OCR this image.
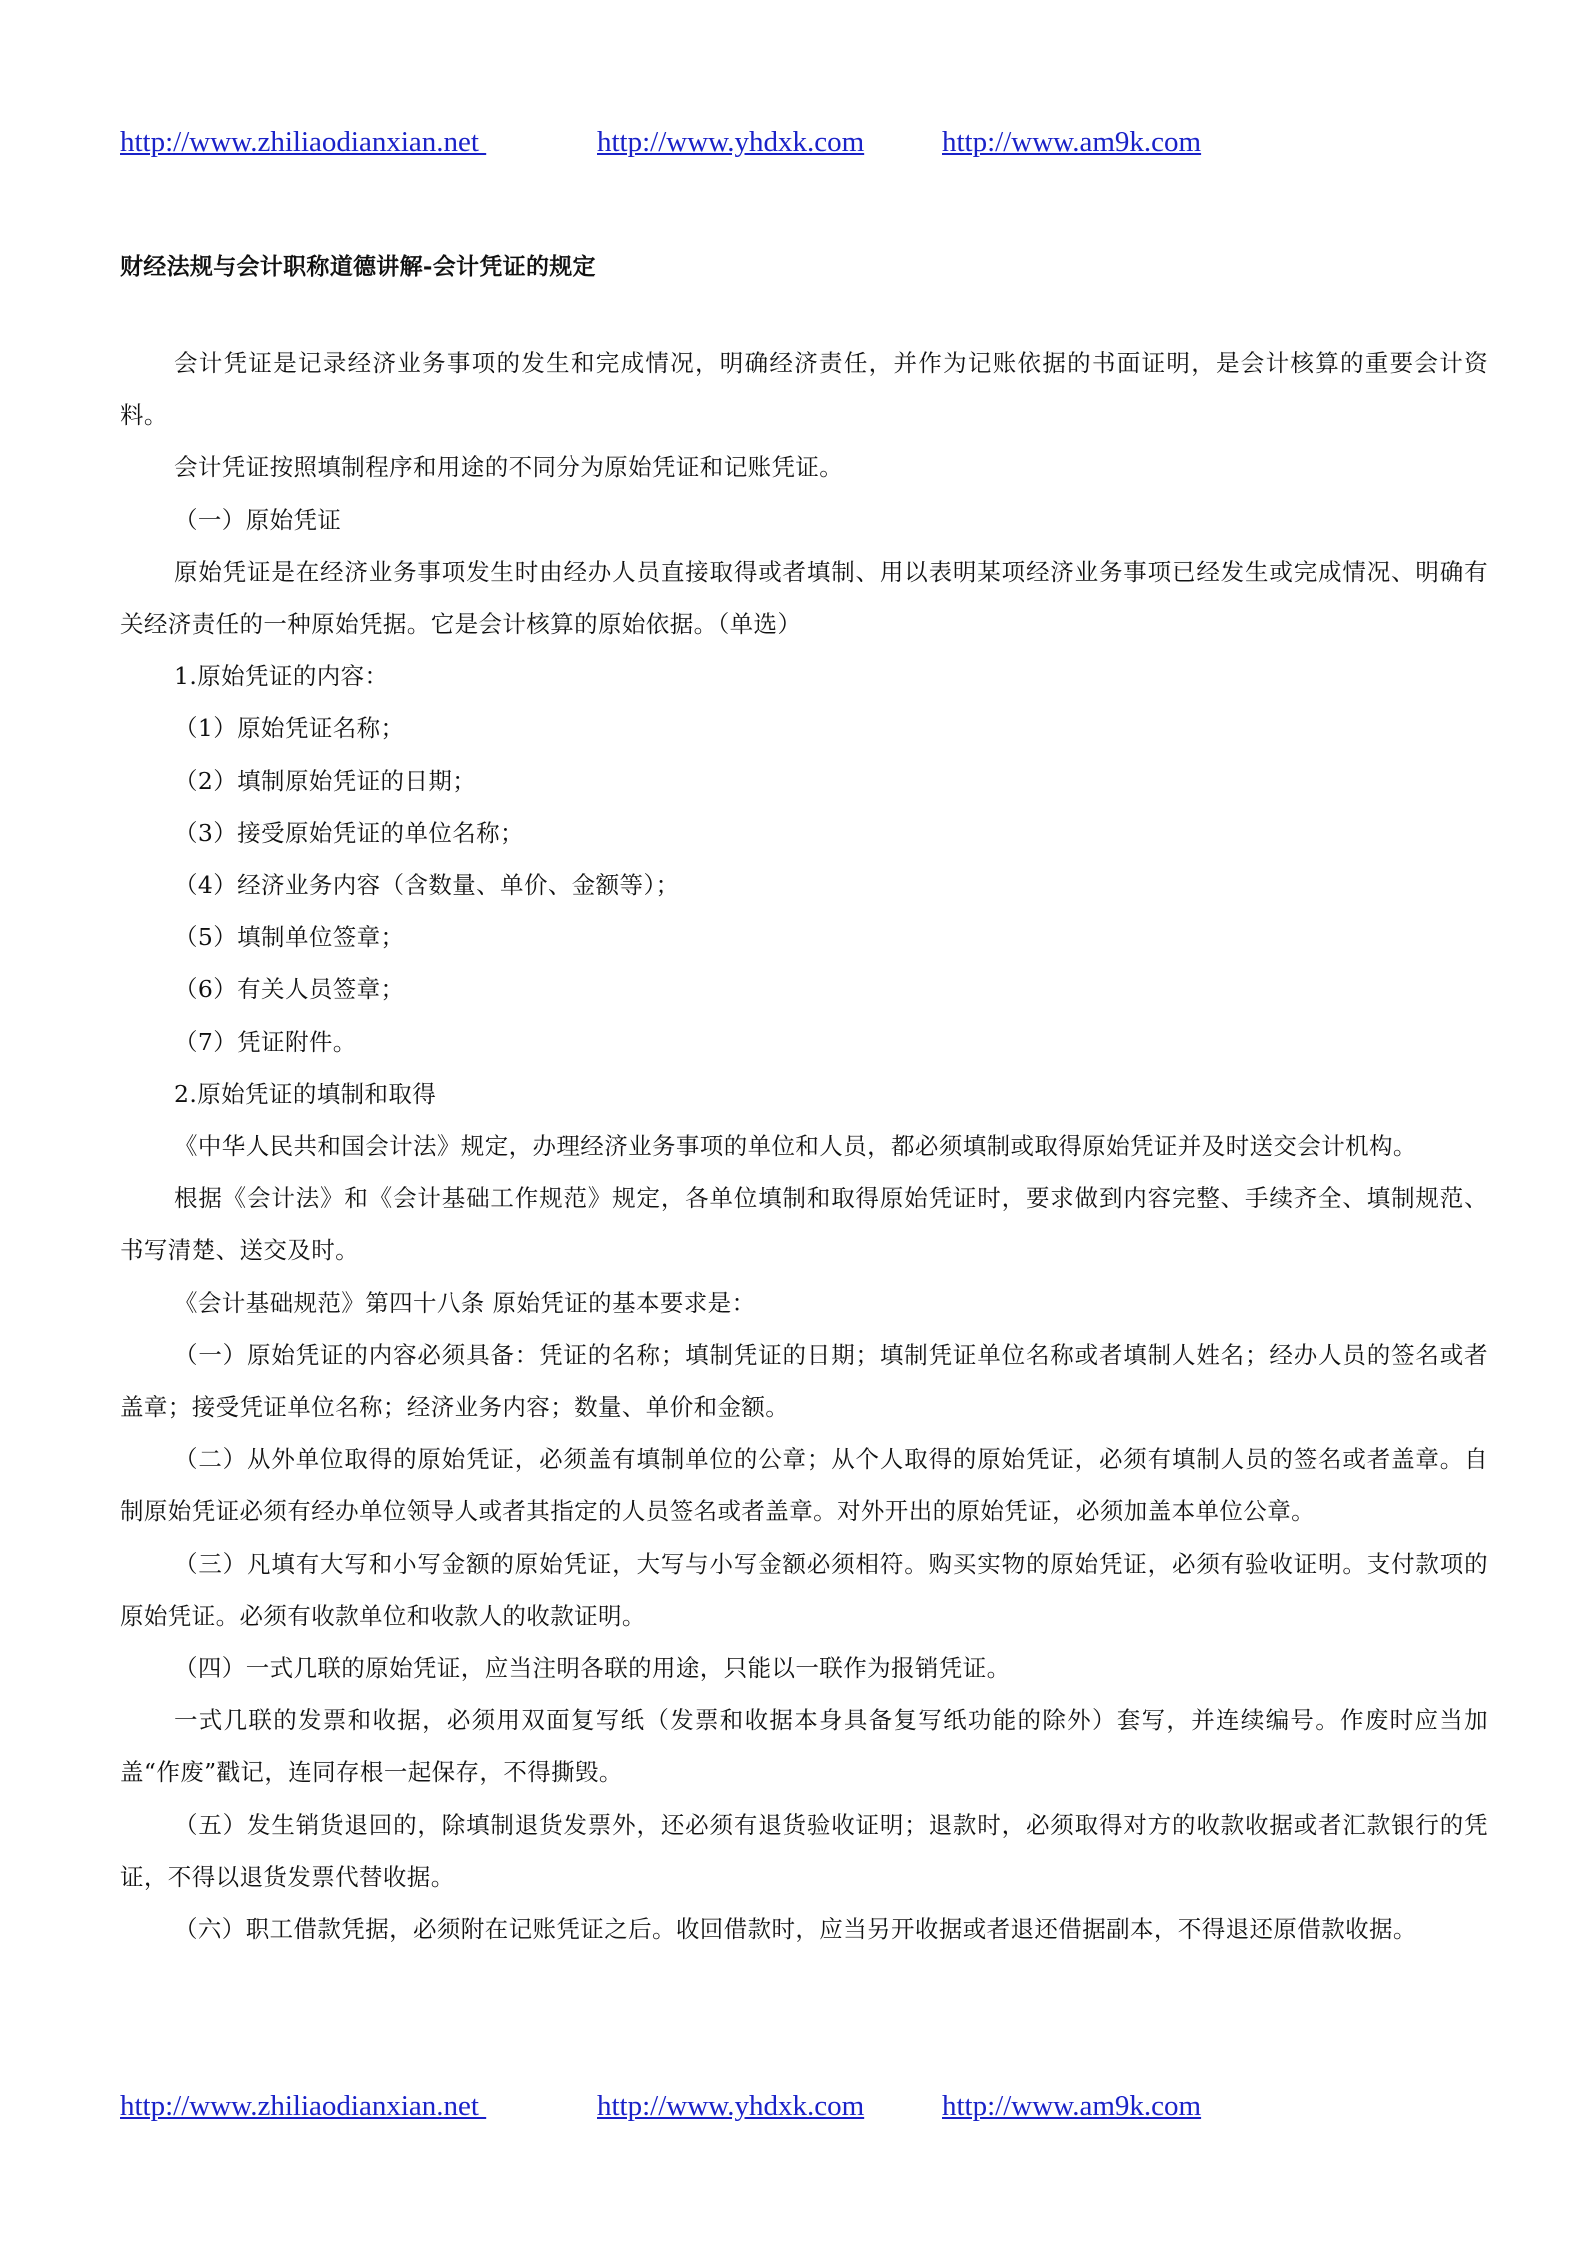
http://www.zhiliaodianxian.net	http://www.yhdxk.com	http://www.am9k.com
财经法规与会计职称道德讲解-会计凭证的规定

会计凭证是记录经济业务事项的发生和完成情况，明确经济责任，并作为记账依据的书面证明，是会计核算的重要会计资料。

会计凭证按照填制程序和用途的不同分为原始凭证和记账凭证。

（一）原始凭证

原始凭证是在经济业务事项发生时由经办人员直接取得或者填制、用以表明某项经济业务事项已经发生或完成情况、明确有关经济责任的一种原始凭据。它是会计核算的原始依据。（单选）

1.原始凭证的内容：

（1）原始凭证名称；

（2）填制原始凭证的日期；

（3）接受原始凭证的单位名称；

（4）经济业务内容（含数量、单价、金额等）；

（5）填制单位签章；

（6）有关人员签章；

（7）凭证附件。

2.原始凭证的填制和取得

《中华人民共和国会计法》规定，办理经济业务事项的单位和人员，都必须填制或取得原始凭证并及时送交会计机构。

根据《会计法》和《会计基础工作规范》规定，各单位填制和取得原始凭证时，要求做到内容完整、手续齐全、填制规范、书写清楚、送交及时。

《会计基础规范》第四十八条 原始凭证的基本要求是：

（一）原始凭证的内容必须具备：凭证的名称；填制凭证的日期；填制凭证单位名称或者填制人姓名；经办人员的签名或者盖章；接受凭证单位名称；经济业务内容；数量、单价和金额。

（二）从外单位取得的原始凭证，必须盖有填制单位的公章；从个人取得的原始凭证，必须有填制人员的签名或者盖章。自制原始凭证必须有经办单位领导人或者其指定的人员签名或者盖章。对外开出的原始凭证，必须加盖本单位公章。

（三）凡填有大写和小写金额的原始凭证，大写与小写金额必须相符。购买实物的原始凭证，必须有验收证明。支付款项的原始凭证。必须有收款单位和收款人的收款证明。

（四）一式几联的原始凭证，应当注明各联的用途，只能以一联作为报销凭证。

一式几联的发票和收据，必须用双面复写纸（发票和收据本身具备复写纸功能的除外）套写，并连续编号。作废时应当加盖“作废”戳记，连同存根一起保存，不得撕毁。

（五）发生销货退回的，除填制退货发票外，还必须有退货验收证明；退款时，必须取得对方的收款收据或者汇款银行的凭证，不得以退货发票代替收据。

（六）职工借款凭据，必须附在记账凭证之后。收回借款时，应当另开收据或者退还借据副本，不得退还原借款收据。

http://www.zhiliaodianxian.net	http://www.yhdxk.com	http://www.am9k.com
